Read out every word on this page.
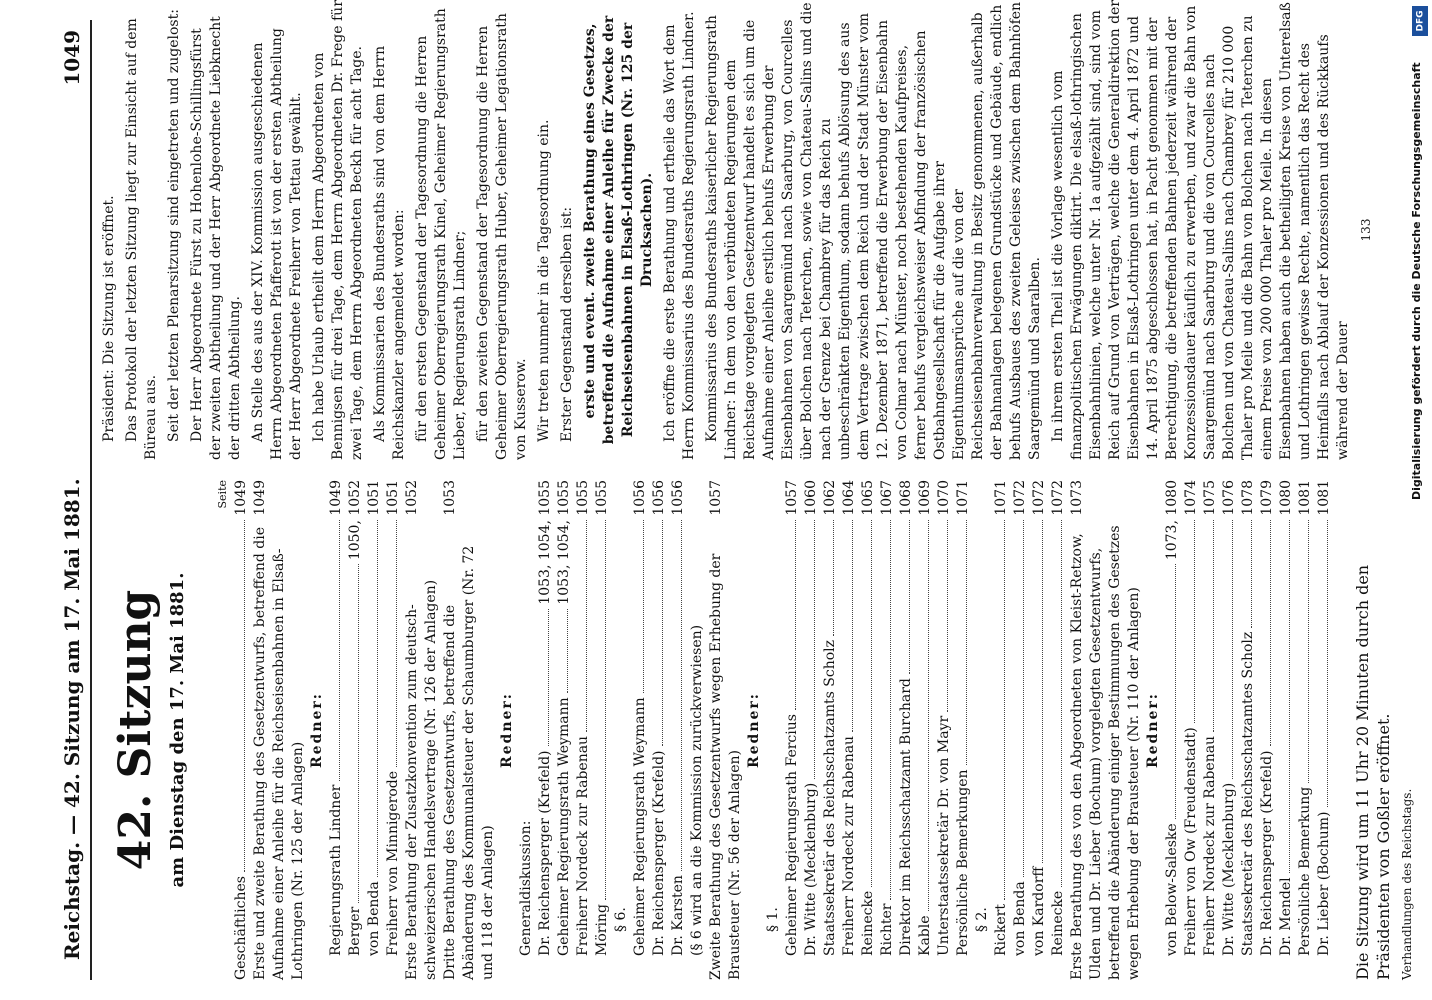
Reichstag. — 42. Sitzung am 17. Mai 1881.
1049
42. Sitzung am Dienstag den 17. Mai 1881.
Seite
Geschäftliches
1049
Erste und zweite Berathung des Gesetzentwurfs, betreffend die Aufnahme einer Anleihe für die Reichseisenbahnen in Elsaß-Lothringen (Nr. 125 der Anlagen)
1049
Redner:
Regierungsrath Lindner
1049
Berger
1050, 1052
von Benda
1051
Freiherr von Minnigerode
1051
Erste Berathung der Zusatzkonvention zum deutsch-schweizerischen Handelsvertrage (Nr. 126 der Anlagen)
1052
Dritte Berathung des Gesetzentwurfs, betreffend die Abänderung des Kommunalsteuer der Schaumburger (Nr. 72 und 118 der Anlagen)
1053
Redner:
Generaldiskussion: Dr. Reichensperger (Krefeld)
1053, 1054, 1055
Geheimer Regierungsrath Weymann
1053, 1054, 1055
Freiherr Nordeck zur Rabenau
1055
Möring
1055
§ 6. Geheimer Regierungsrath Weymann
1056
Dr. Reichensperger (Krefeld)
1056
Dr. Karsten
1056
(§ 6 wird an die Kommission zurückverwiesen) Zweite Berathung des Gesetzentwurfs wegen Erhebung der Brausteuer (Nr. 56 der Anlagen)
1057
Redner:
§ 1. Geheimer Regierungsrath Fercius
1057
Dr. Witte (Mecklenburg)
1060
Staatssekretär des Reichsschatzamts Scholz
1062
Freiherr Nordeck zur Rabenau
1064
Reinecke
1065
Richter
1067
Direktor im Reichsschatzamt Burchard
1068
Kable
1069
Unterstaatssekretär Dr. von Mayr
1070
Persönliche Bemerkungen
1071
§ 2. Rickert
1071
von Benda
1072
von Kardorff
1072
Reinecke
1072
Erste Berathung des von den Abgeordneten von Kleist-Retzow, Ulden und Dr. Lieber (Bochum) vorgelegten Gesetzentwurfs, betreffend die Abänderung einiger Bestimmungen des Gesetzes wegen Erhebung der Brausteuer (Nr. 110 der Anlagen)
1073
Redner:
von Below-Saleske
1073, 1080
Freiherr von Ow (Freudenstadt)
1074
Freiherr Nordeck zur Rabenau
1075
Dr. Witte (Mecklenburg)
1076
Staatssekretär des Reichsschatzamtes Scholz
1078
Dr. Reichensperger (Krefeld)
1079
Dr. Mendel
1080
Persönliche Bemerkung
1081
Dr. Lieber (Bochum)
1081
Die Sitzung wird um 11 Uhr 20 Minuten durch den Präsidenten von Goßler eröffnet. Verhandlungen des Reichstags.

Präsident: Die Sitzung ist eröffnet. Das Protokoll der letzten Sitzung liegt zur Einsicht auf dem Büreau aus. Seit der letzten Plenarsitzung sind eingetreten und zugelost: Der Herr Abgeordnete Fürst zu Hohenlohe-Schillingsfürst der zweiten Abtheilung und der Herr Abgeordnete Liebknecht der dritten Abtheilung. An Stelle des aus der XIV. Kommission ausgeschiedenen Herrn Abgeordneten Pfafferott ist von der ersten Abtheilung der Herr Abgeordnete Freiherr von Tettau gewählt. Ich habe Urlaub ertheilt dem Herrn Abgeordneten von Bennigsen für drei Tage, dem Herrn Abgeordneten Dr. Frege für zwei Tage, dem Herrn Abgeordneten Beckh für acht Tage. Als Kommissarien des Bundesraths sind von dem Herrn Reichskanzler angemeldet worden: für den ersten Gegenstand der Tagesordnung die Herren Geheimer Oberregierungsrath Kinel, Geheimer Regierungsrath Lieber, Regierungsrath Lindner; für den zweiten Gegenstand der Tagesordnung die Herren Geheimer Oberregierungsrath Huber, Geheimer Legationsrath von Kusserow. Wir treten nunmehr in die Tagesordnung ein. Erster Gegenstand derselben ist: erste und event. zweite Berathung eines Gesetzes, betreffend die Aufnahme einer Anleihe für Zwecke der Reichseisenbahnen in Elsaß-Lothringen (Nr. 125 der Drucksachen). Ich eröffne die erste Berathung und ertheile das Wort dem Herrn Kommissarius des Bundesraths Regierungsrath Lindner. Kommissarius des Bundesraths kaiserlicher Regierungsrath Lindner: In dem von den verbündeten Regierungen dem Reichstage vorgelegten Gesetzentwurf handelt es sich um die Aufnahme einer Anleihe erstlich behufs Erwerbung der Eisenbahnen von Saargemünd nach Saarburg, von Courcelles über Bolchen nach Teterchen, sowie von Chateau-Salins und die nach der Grenze bei Chambrey für das Reich zu unbeschränkten Eigenthum, sodann behufs Ablösung des aus dem Vertrage zwischen dem Reich und der Stadt Münster vom 12. Dezember 1871, betreffend die Erwerbung der Eisenbahn von Colmar nach Münster, noch bestehenden Kaufpreises, ferner behufs vergleichsweiser Abfindung der französischen Ostbahngesellschaft für die Aufgabe ihrer Eigenthumsansprüche auf die von der Reichseisenbahnverwaltung in Besitz genommenen, außerhalb der Bahnanlagen belegenen Grundstücke und Gebäude, endlich behufs Ausbaues des zweiten Geleises zwischen dem Bahnhöfen Saargemünd und Saaralben. In ihrem ersten Theil ist die Vorlage wesentlich vom finanzpolitischen Erwägungen diktirt. Die elsaß-lothringischen Eisenbahnlinien, welche unter Nr. 1a aufgezählt sind, sind vom Reich auf Grund von Verträgen, welche die Generaldirektion der Eisenbahnen in Elsaß-Lothringen unter dem 4. April 1872 und 14. April 1875 abgeschlossen hat, in Pacht genommen mit der Berechtigung, die betreffenden Bahnen jederzeit während der Konzessionsdauer käuflich zu erwerben, und zwar die Bahn von Saargemünd nach Saarburg und die von Courcelles nach Bolchen und von Chateau-Salins nach Chambrey für 210 000 Thaler pro Meile und die Bahn von Bolchen nach Teterchen zu einem Preise von 200 000 Thaler pro Meile. In diesen Eisenbahnen haben auch die betheiligten Kreise von Unterelsaß und Lothringen gewisse Rechte, namentlich das Recht des Heimfalls nach Ablauf der Konzessionen und des Rückkaufs während der Dauer

133
DFG
Digitalisierung gefördert durch die Deutsche Forschungsgemeinschaft
